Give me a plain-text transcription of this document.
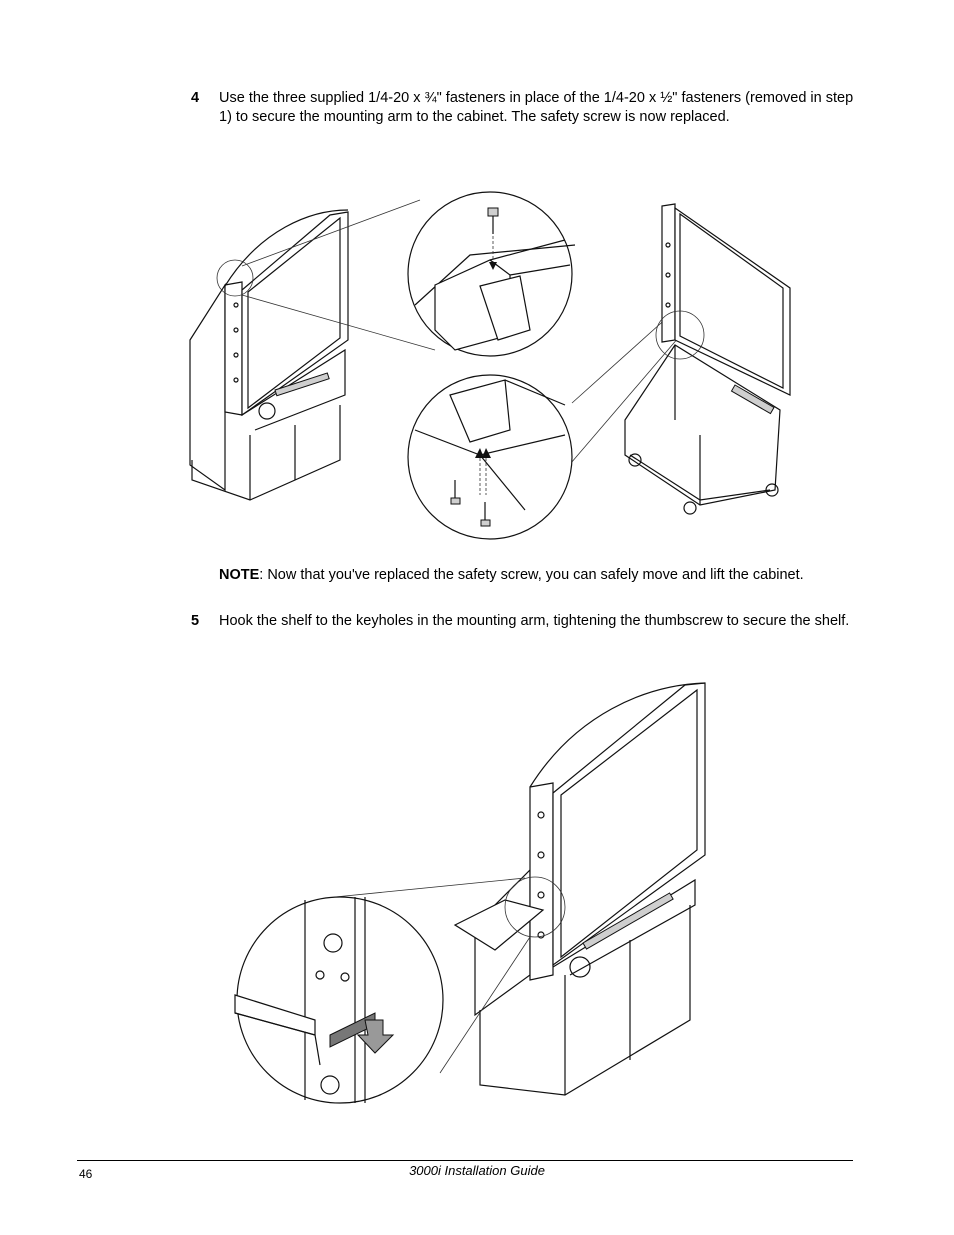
4 Use the three supplied 1/4-20 x ¾" fasteners in place of the 1/4-20 x ½" fasteners (removed in step 1) to secure the mounting arm to the cabinet. The safety screw is now replaced.
NOTE: Now that you've replaced the safety screw, you can safely move and lift the cabinet.
5 Hook the shelf to the keyholes in the mounting arm, tightening the thumbscrew to secure the shelf.
46	3000i Installation Guide
